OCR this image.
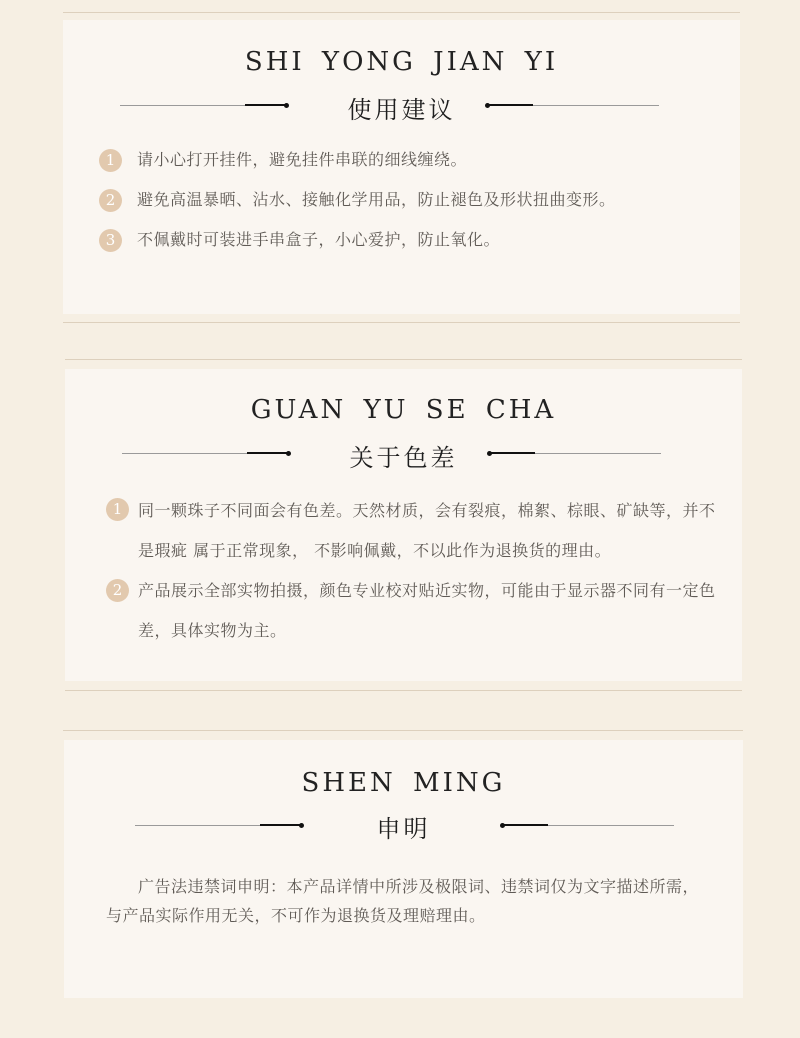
SHI YONG JIAN YI
使用建议
1	请小心打开挂件，避免挂件串联的细线缠绕。
2	避免高温暴晒、沾水、接触化学用品，防止褪色及形状扭曲变形。
3	不佩戴时可装进手串盒子，小心爱护，防止氧化。
GUAN YU SE CHA
关于色差
1 同一颗珠子不同面会有色差。天然材质，会有裂痕，棉絮、棕眼、矿缺等，并不是瑕疵 属于正常现象， 不影响佩戴，不以此作为退换货的理由。
2 产品展示全部实物拍摄，颜色专业校对贴近实物，可能由于显示器不同有一定色差，具体实物为主。
SHEN MING
申明
广告法违禁词申明：本产品详情中所涉及极限词、违禁词仅为文字描述所需，与产品实际作用无关，不可作为退换货及理赔理由。
